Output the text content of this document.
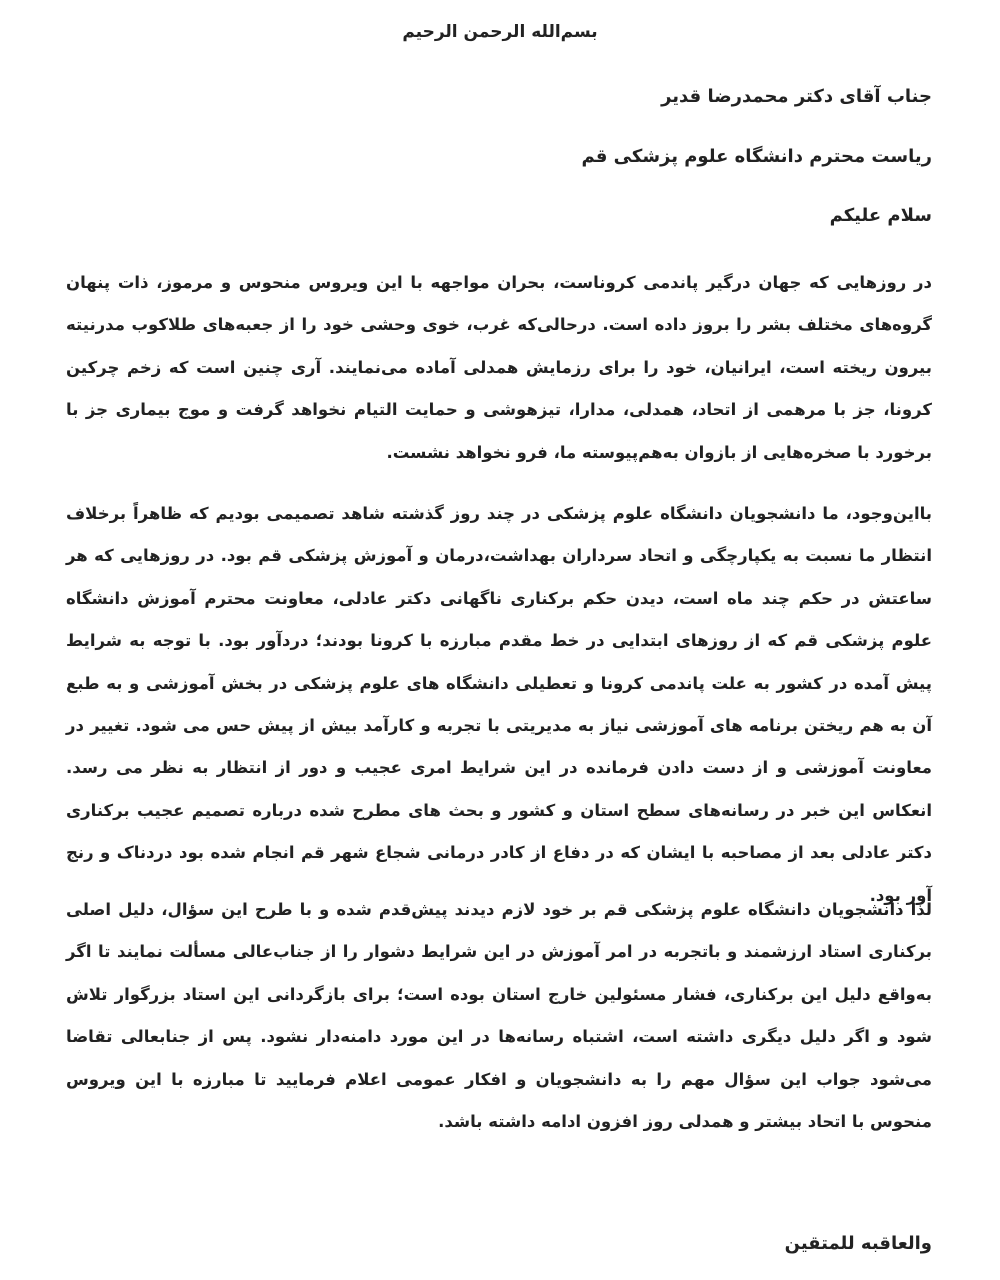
بسم‌الله الرحمن الرحیم
جناب آقای دکتر محمدرضا قدیر
ریاست محترم دانشگاه علوم پزشکی قم
سلام علیکم

در روزهایی که جهان درگیر پاندمی کروناست، بحران مواجهه با این ویروس منحوس و مرموز، ذات پنهان گروه‌های مختلف بشر را بروز داده است. درحالی‌که غرب، خوی وحشی خود را از جعبه‌های طلاکوب مدرنیته بیرون ریخته است، ایرانیان، خود را برای رزمایش همدلی آماده می‌نمایند. آری چنین است که زخم چرکین کرونا، جز با مرهمی از اتحاد، همدلی، مدارا، تیزهوشی و حمایت التیام نخواهد گرفت و موج بیماری جز با برخورد با صخره‌هایی از بازوان به‌هم‌پیوسته ما، فرو نخواهد نشست.

بااین‌وجود، ما دانشجویان دانشگاه علوم پزشکی در چند روز گذشته شاهد تصمیمی بودیم که ظاهراً برخلاف انتظار ما نسبت به یکپارچگی و اتحاد سرداران بهداشت،درمان و آموزش پزشکی قم بود. در روزهایی که هر ساعتش در حکم چند ماه است، دیدن حکم برکناری ناگهانی دکتر عادلی، معاونت محترم آموزش دانشگاه علوم پزشکی قم که از روزهای ابتدایی در خط مقدم مبارزه با کرونا بودند؛ دردآور بود. با توجه به شرایط پیش آمده در کشور به علت پاندمی کرونا و تعطیلی دانشگاه های علوم پزشکی در بخش آموزشی و به طبع آن به هم ریختن برنامه های آموزشی نیاز به مدیریتی با تجربه و کارآمد بیش از پیش حس می شود. تغییر در معاونت آموزشی و از دست دادن فرمانده در این شرایط امری عجیب و دور از انتظار به نظر می رسد. انعکاس این خبر در رسانه‌های سطح استان و کشور و بحث های مطرح شده درباره تصمیم عجیب برکناری دکتر عادلی بعد از مصاحبه با ایشان که در دفاع از کادر درمانی شجاع شهر قم انجام شده بود دردناک و رنج آور بود.

لذا دانشجویان دانشگاه علوم پزشکی قم بر خود لازم دیدند پیش‌قدم شده و با طرح این سؤال، دلیل اصلی برکناری استاد ارزشمند و باتجربه در امر آموزش در این شرایط دشوار را از جناب‌عالی مسألت نمایند تا اگر به‌واقع دلیل این برکناری، فشار مسئولین خارج استان بوده است؛ برای بازگردانی این استاد بزرگوار تلاش شود و اگر دلیل دیگری داشته است، اشتباه رسانه‌ها در این مورد دامنه‌دار نشود. پس از جنابعالی تقاضا می‌شود جواب این سؤال مهم را به دانشجویان و افکار عمومی اعلام فرمایید تا مبارزه با این ویروس منحوس با اتحاد بیشتر و همدلی روز افزون ادامه داشته باشد.

والعاقبه للمتقین
